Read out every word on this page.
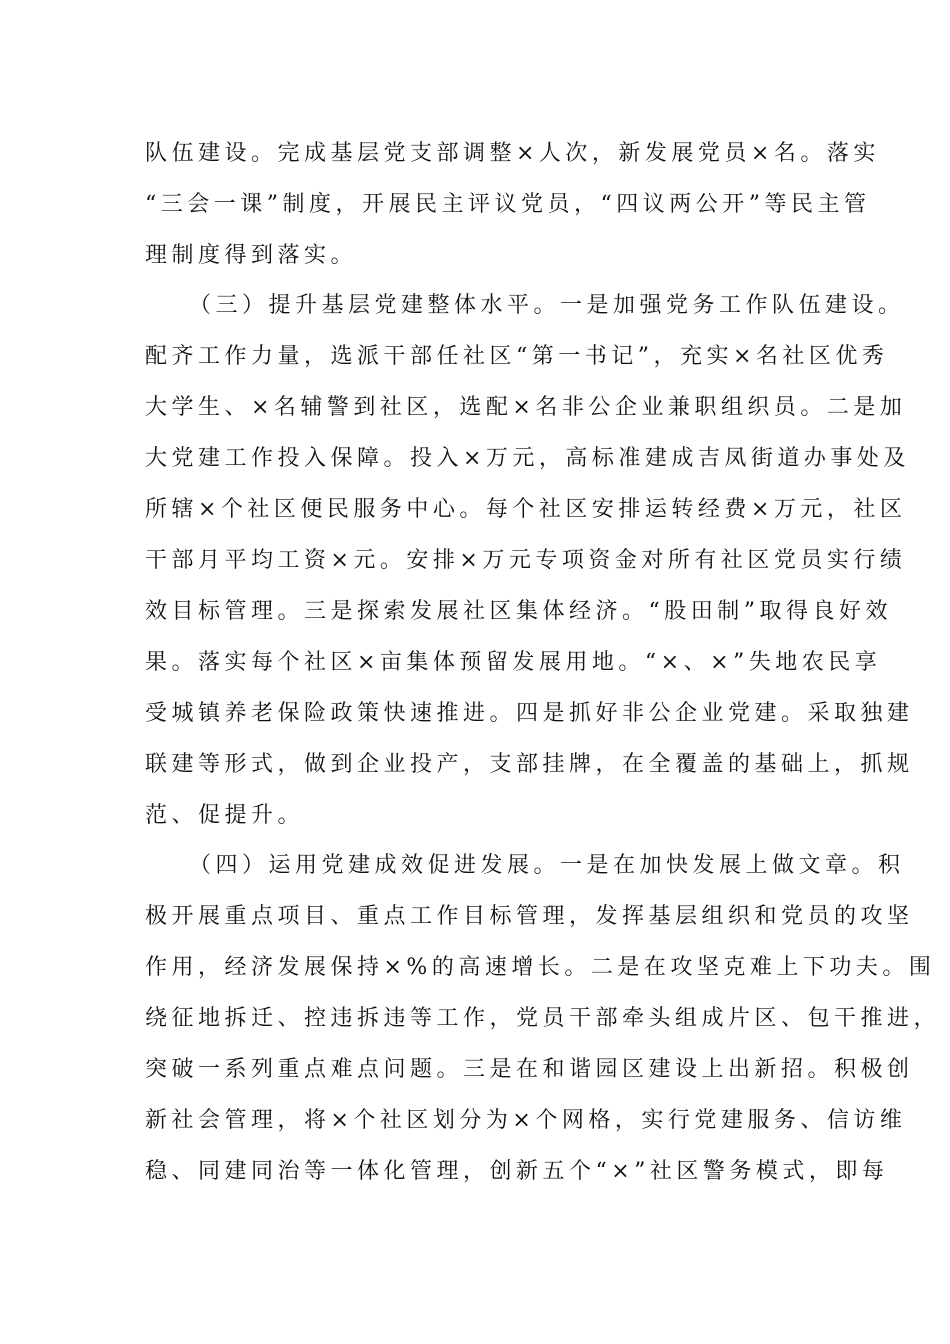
队伍建设。完成基层党支部调整×人次，新发展党员×名。落实
“三会一课”制度，开展民主评议党员，“四议两公开”等民主管
理制度得到落实。
（三）提升基层党建整体水平。一是加强党务工作队伍建设。
配齐工作力量，选派干部任社区“第一书记”，充实×名社区优秀
大学生、×名辅警到社区，选配×名非公企业兼职组织员。二是加
大党建工作投入保障。投入×万元，高标准建成吉凤街道办事处及
所辖×个社区便民服务中心。每个社区安排运转经费×万元，社区
干部月平均工资×元。安排×万元专项资金对所有社区党员实行绩
效目标管理。三是探索发展社区集体经济。“股田制”取得良好效
果。落实每个社区×亩集体预留发展用地。“×、×”失地农民享
受城镇养老保险政策快速推进。四是抓好非公企业党建。采取独建
联建等形式，做到企业投产，支部挂牌，在全覆盖的基础上，抓规
范、促提升。
（四）运用党建成效促进发展。一是在加快发展上做文章。积
极开展重点项目、重点工作目标管理，发挥基层组织和党员的攻坚
作用，经济发展保持×%的高速增长。二是在攻坚克难上下功夫。围
绕征地拆迁、控违拆违等工作，党员干部牵头组成片区、包干推进，
突破一系列重点难点问题。三是在和谐园区建设上出新招。积极创
新社会管理，将×个社区划分为×个网格，实行党建服务、信访维
稳、同建同治等一体化管理，创新五个“×”社区警务模式，即每
